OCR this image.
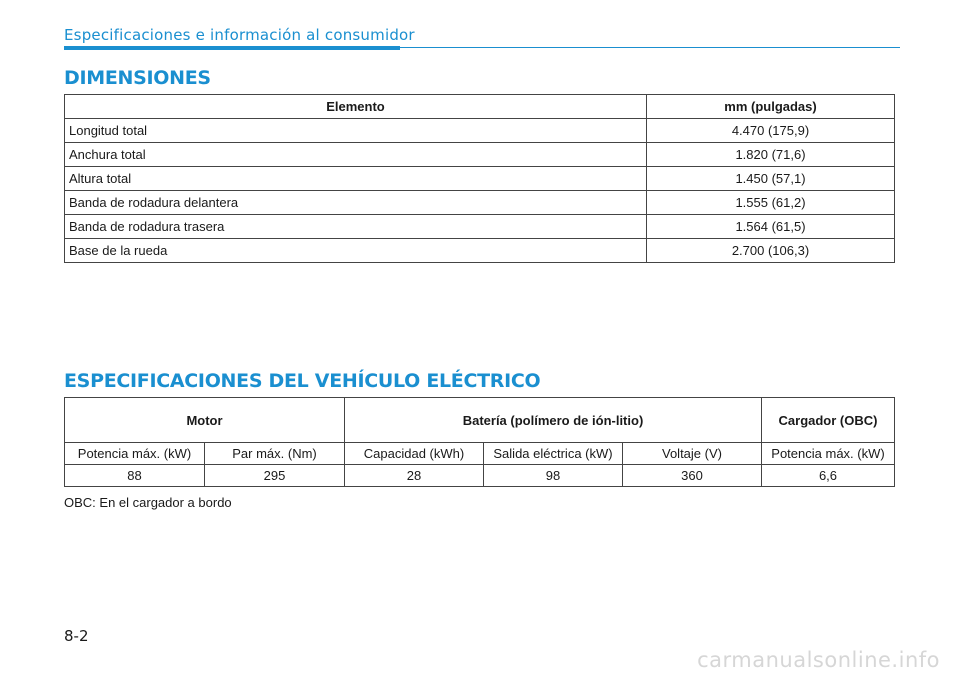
Especificaciones e información al consumidor
DIMENSIONES
Elemento	mm (pulgadas)
Longitud total	4.470 (175,9)
Anchura total	1.820 (71,6)
Altura total	1.450 (57,1)
Banda de rodadura delantera	1.555 (61,2)
Banda de rodadura trasera	1.564 (61,5)
Base de la rueda	2.700 (106,3)
ESPECIFICACIONES DEL VEHÍCULO ELÉCTRICO
Motor		Batería (polímero de ión-litio)			Cargador (OBC)
Potencia máx. (kW)	Par máx. (Nm)	Capacidad (kWh)	Salida eléctrica (kW)	Voltaje (V)	Potencia máx. (kW)
88	295	28	98	360	6,6

OBC: En el cargador a bordo

8-2
carmanualsonline.info
